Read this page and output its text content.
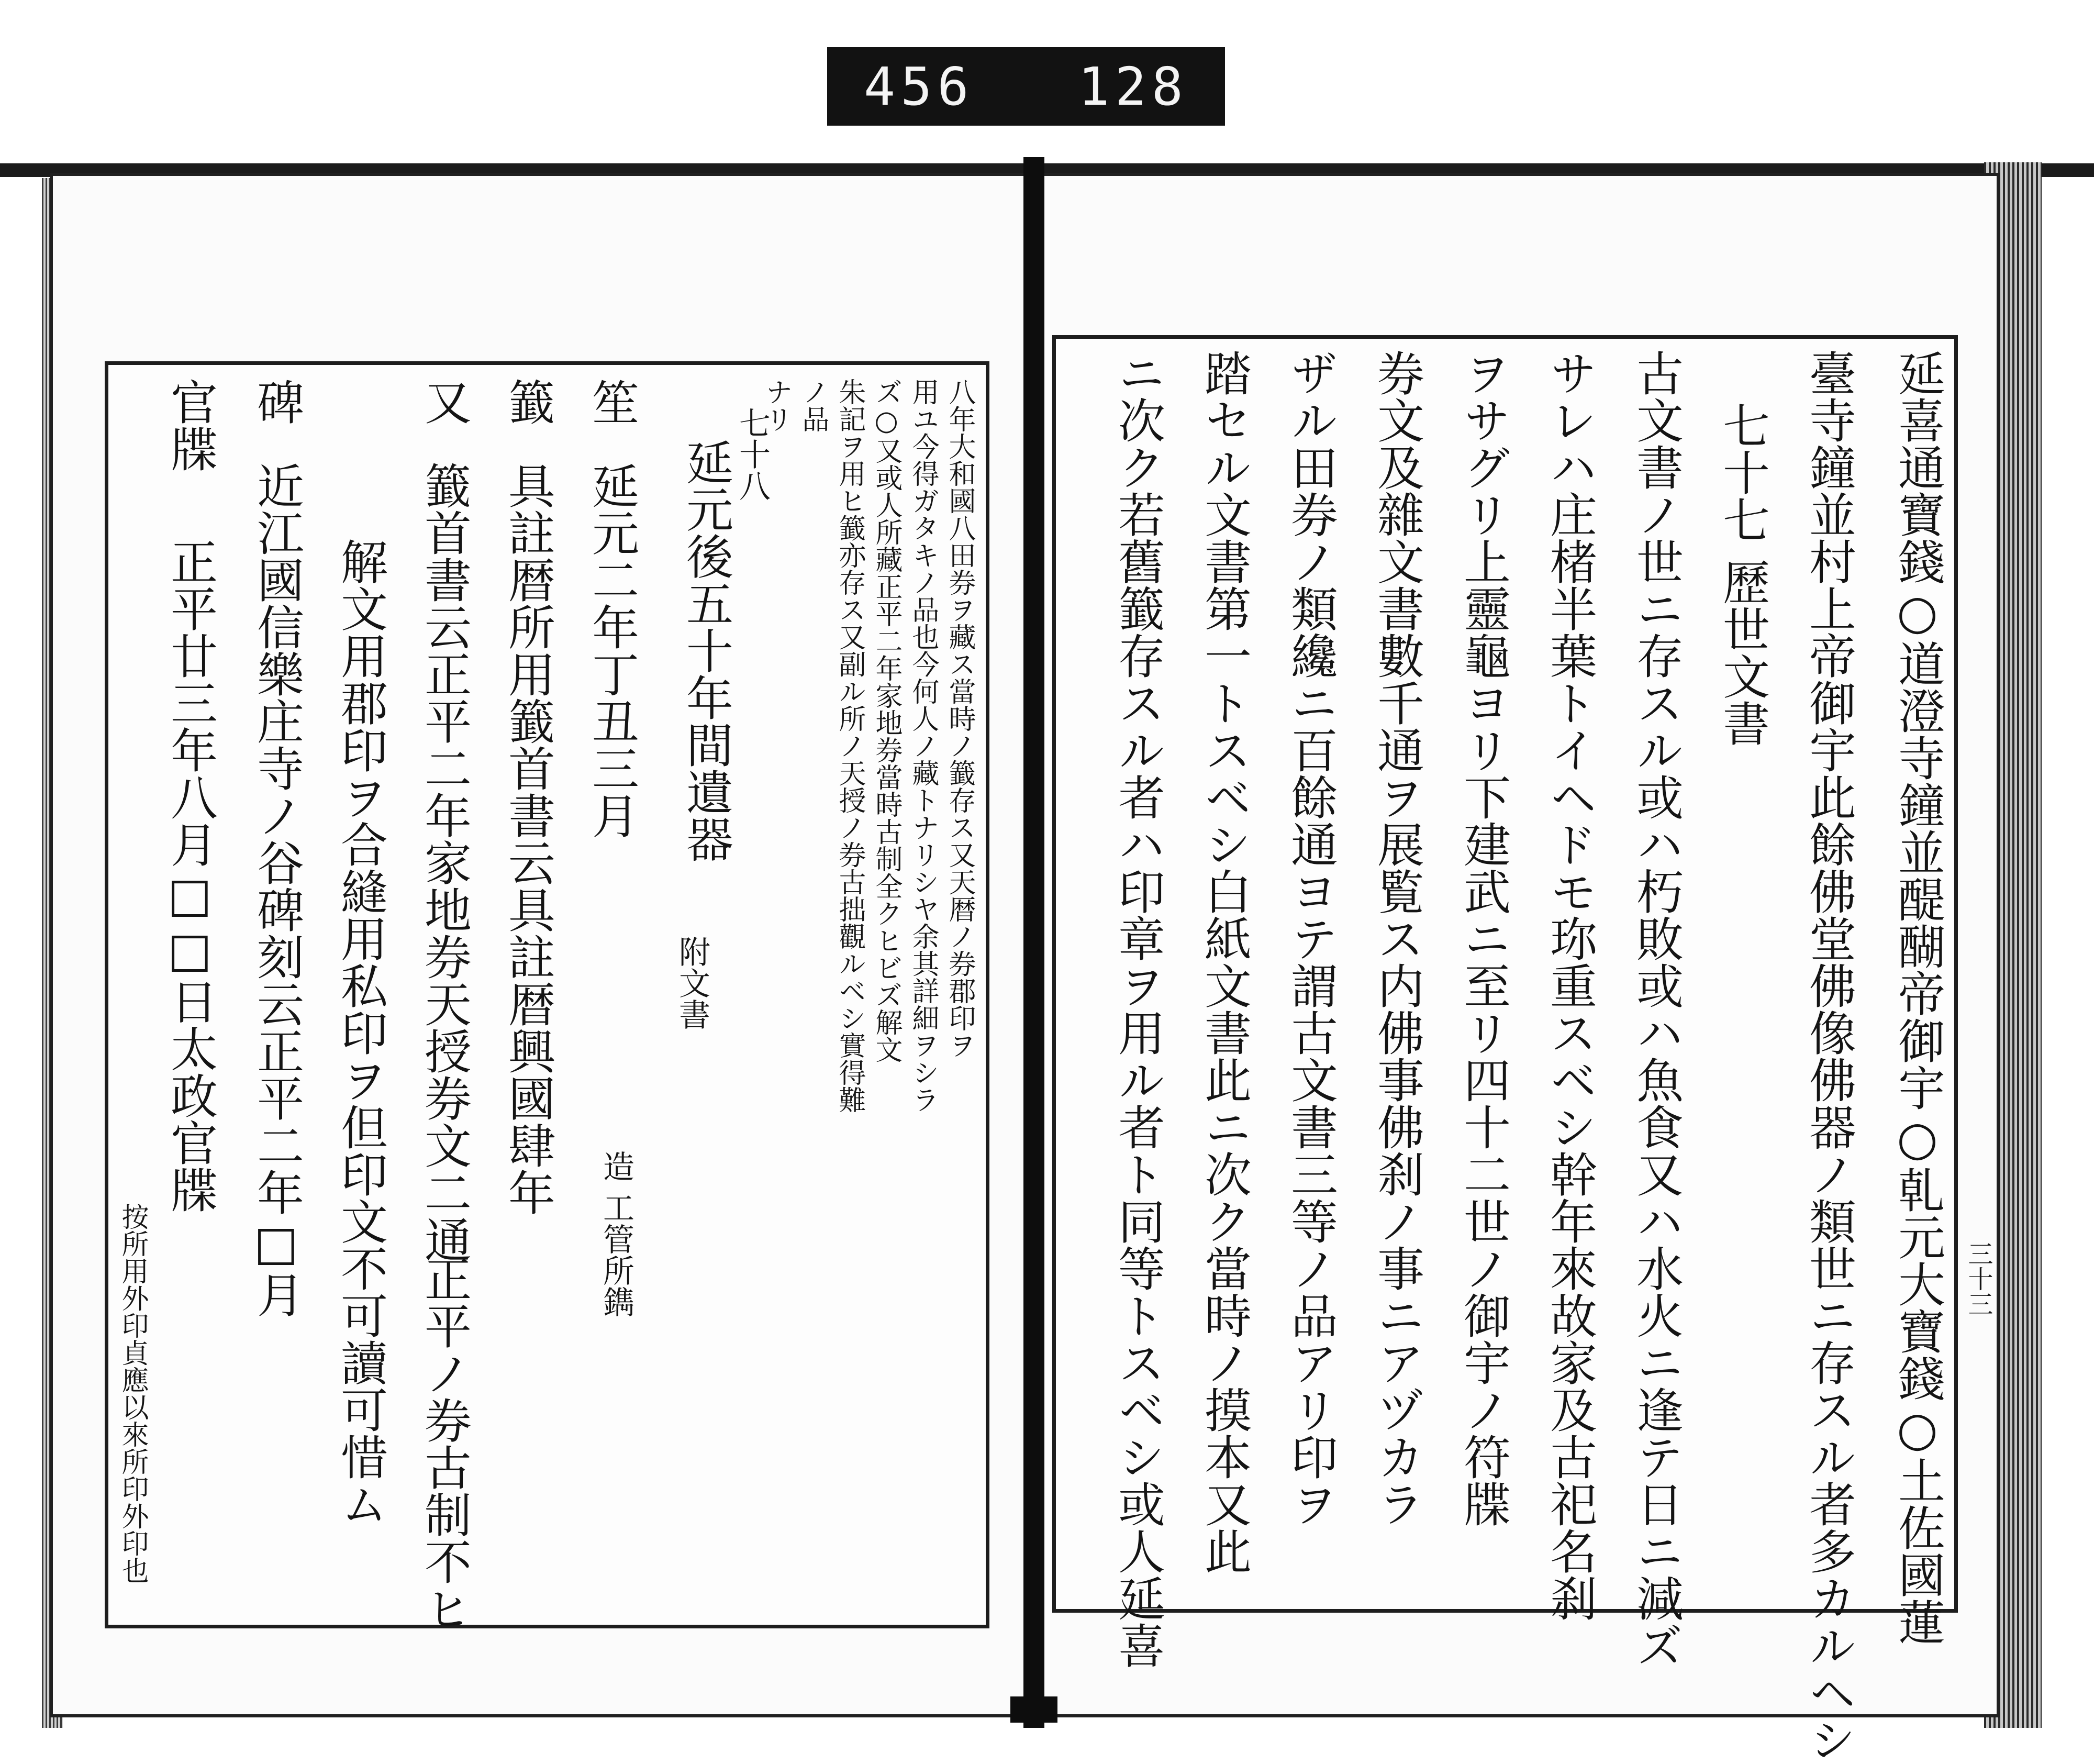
456 128
延喜通寶錢○道澄寺鐘並醍醐帝御宇○乹元大寶錢○土佐國蓮
臺寺鐘並村上帝御宇此餘佛堂佛像佛器ノ類世ニ存スル者多カルヘシ
七十七 歷世文書
古文書ノ世ニ存スル或ハ朽敗或ハ魚食又ハ水火ニ逢テ日ニ減ズ
サレハ庄楮半葉トイヘドモ珎重スベシ幹年來故家及古祀名刹
ヲサグリ上靈龜ヨリ下建武ニ至リ四十二世ノ御宇ノ符牒
券文及雜文書數千通ヲ展覧ス内佛事佛刹ノ事ニアヅカラ
ザル田券ノ類纔ニ百餘通ヨテ謂古文書三等ノ品アリ印ヲ
踏セル文書第一トスベシ白紙文書此ニ次ク當時ノ摸本又此
ニ次ク若舊籖存スル者ハ印章ヲ用ル者ト同等トスベシ或人延喜	三十三
八年大和國八田券ヲ藏ス當時ノ籖存ス又天暦ノ券郡印ヲ
用ユ今得ガタキノ品也今何人ノ藏トナリシヤ余其詳細ヲシラ
ズ○又或人所藏正平二年家地券當時古制全クヒビズ解文
朱記ヲ用ヒ籖亦存ス又副ル所ノ天授ノ券古拙觀ルベシ實得難
ノ品
ナリ
七十八
延元後五十年間遺器
附文書
笙
延元二年丁丑三月
造 工管所鐫
籖
具註暦所用籖首書云具註暦興國肆年
又
籖首書云正平二年家地券天授券文二通
正平ノ券古制不ヒ
解文用郡印ヲ合縫用私印ヲ但印文不可讀可惜ム
碑
近江國信樂庄寺ノ谷碑刻云正平二年□月
官牒
正平廿三年八月□□日太政官牒
按所用外印貞應以來所印外印也
